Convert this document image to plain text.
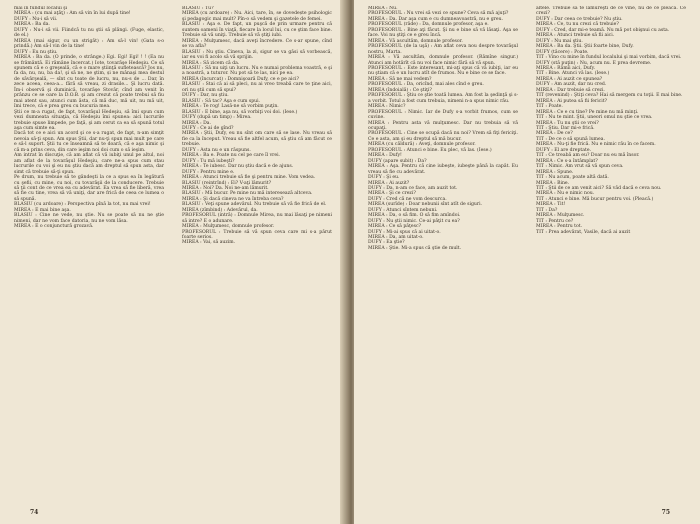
mai în fundul localui şi

MIREA : (cu mai aţâţ) : Am să vin în lui după tine!

DUFY : Nu-i să vii.

MIREA : Ba da.

DUFY : Nu-i să vii. Fiindcă tu nu ştii să plângi. (Fuge, elastic, de el.)

MIREA (mai sigur, cu un strigăt) : Am să-l vin! (Gata s-o prindă.) Am să-l vin de la tine!

DUFY : Eu nu ştiu.

MIREA : Ba da. (O prinde, o strânge.) Egi. Egi! Egi! ! ! (Ea nu se frământă. Ei rămâne încercat.) Iote, tovarăşe Hedeşiu. Ce să spunem că e o greşeală, că e o mare ştiinţă sufletească? Jos nu, fa da, nu, nu, ba da!, şi să ne, ne ştim, și ne mânaşi mea destul de săvârşeală, — sînt cu toate de lucru, nu, nu-s de ... Dar, în zece aceea, ceea-a... fără să vreau, zi drasile... Şi lucru dată. Îm-i observă şi duminică, tovarăşe Stovăr, cînd am venit în prânzu ce se oare la D.O.B. şi am crezut că poate trebui să fiu mai atent sau, atunci cum ăsta, că mă duc, mă uit, nu mă uit, îmi trece, că e prea greu cu bucuria mea.

Ştii ce m-a rugat, de fapt, tovarăşul Hedeşiu, să îmi spun cum vezi dumneata situaţia, că Hedeşiu îmi spunea: aici lucrurile trebuie spuse limpede, pe faţă, şi am cerut ca ea să spună totul aşa cum simte ea.

Dacă tot ce e aici un acord şi ce s-a rugat, de fapt, n-am simţit nevoia să-ţi spun. Am spus Ştii, dar nu-ţi spun mai mult pe care e să-l suport. Ştii tu ce înseamnă să te doară, că e aşa nimic şi că m-a prins ceva, din care ieşim noi doi cum o să ieşim.

Am intrat în discuţie, că am aflat că vă iubiţi unul pe altul, noi am aflat de la tovarăşul Hedeşiu, care ne-a spus cum stau lucrurile cu voi şi eu nu ştiu dacă am dreptul să spun asta, dar simt că trebuie să-ţi spun.

Pe drum, nu trebuie să te gândeşti la ce a spus ea în legătură cu şefii, cu mine, cu noi, cu tovarăşii de la conducere. Trebuie să ţii cont de ce vrea ea cu adevărat. Ea vrea să fie liberă, vrea să fie cu tine, vrea să vă uniţi, dar are frică de ceea ce lumea o să spună.

BLASIU (cu ardoare) : Perspectiva pînă la tot, nu mai vrei!

MIREA : E mai bine aşa.

BLASIU : Cine ne vede, nu ştie. Nu se poate să nu ne ştie nimeni, dar ne vom face datoria, nu ne vom lăsa.

MIREA : E o conjunctură grozavă.

BLASIU : Tu?

MIREA (cu ardoare) : Nu. Aici, tare, în, se dovedește psihologic şi pedagogic mai mult? Pîn-o să vedem şi gazetele de femei.

BLASIU : Aşa e. De fapt, un puşcă de prin urmare pentru că suntem oameni în viaţă, fiecare la locul lui, cu ce ştim face bine. Trebuie să vă uniţi. Trebuie să vă ştiţi iubi.

MIREA : Mulţumesc, dacă aveţi încredere. Ce s-ar spune, cînd se va afla?

BLASIU : Nu ştiu. Cineva, la zi, sigur se va găsi să vorbească, iar eu voi fi acolo să vă sprijin.

MIREA : Să zicem că da.

BLASIU : Să nu uiţi un lucru. Nu e numai problema voastră, e şi a noastră, a tuturor. Nu pot să te las, nici pe ea.

MIREA (încurcat) : Domnişoară Dufy, ce e pe aici?

BLASIU : Stai că ai să pleci, nu ai vreo treabă care te ţine aici, ori nu ştii cum să spui?

DUFY : Dar, nu ştiu.

BLASIU : Să tac? Aşa e cum spui.

MIREA : Te rog! Lasă-ne să vorbim puţin.

BLASIU : E bine, aşa nu, să vorbiţi voi doi. (Iese.)

DUFY (după un timp) : Mirea.

MIREA : Da.

DUFY : Ce ai de gînd?

MIREA : Ştii, Dufy, eu nu sînt om care să se lase. Nu vreau să fie ca la început. Vreau să fie altfel acum, să ştiu că am făcut ce trebuie.

DUFY : Asta nu e un răspuns.

MIREA : Ba e. Poate nu cel pe care îl vrei.

DUFY : Tu mă iubeşti?

MIREA : Te iubesc. Dar nu ştiu dacă e de ajuns.

DUFY : Pentru mine e.

MIREA : Atunci trebuie să fie şi pentru mine. Vom vedea.

BLASIU (reintrînd) : Ei? V-aţi lămurit?

MIREA : Noi? Da. Noi ne-am lămurit.

BLASIU : Mă bucur. Pe mine nu mă interesează altceva.

MIREA : Şi dacă cineva ne va întreba ceva?

BLASIU : Veţi spune adevărul. Nu trebuie să vă fie frică de el.

MIREA (zîmbind) : Adevărul, da.

PROFESORUL (intră) : Domnule Mirea, nu mai lăsaţi pe nimeni să intre? E o adunare.

MIREA : Mulţumesc, domnule profesor.

PROFESORUL : Trebuie să vă spun ceva care mi s-a părut foarte serios.

MIREA : Vai, să auzim.

74

MIREA : Nu.

PROFESORUL : Nu vrei să vezi ce spune? Ceva să mă ajuţi?

MIREA : Da. Dar aşa cum e cu dumneavoastră, nu e greu.

PROFESORUL (râde) : Da, domnule profesor, aşa e.

PROFESORUL : Bine aţi făcut. Şi nu e bine să vă lăsaţi. Aşa se face. Voi nu ştiţi ce e greu încă.

MIREA : Vă ascultăm, domnule profesor.

PROFESORUL (de la uşă) : Am aflat ceva nou despre tovarăşul nostru, Marta.

MIREA : Vă ascultăm, domnule profesor. (Râmîne singur.) Atunci am hotărît că nu voi face nimic fără să vă spun.

PROFESORUL : Este interesant, mi-aţi spus că vă iubiţi, iar eu nu ştiam că e un lucru atît de frumos. Nu e bine ce se face.

MIREA : Să ne mai vedem?

PROFESORUL : Da, oricînd, mai ales cînd e greu.

MIREA (îndoială) : Ce ştiţi?

PROFESORUL : Ştiu ce ştie toată lumea. Am fost la şedinţă şi s-a vorbit. Totul a fost cum trebuia, nimeni n-a spus nimic rău.

MIREA : Nimic?

PROFESORUL : Nimic. Iar de Dufy s-a vorbit frumos, cum se cuvine.

MIREA : Pentru asta vă mulţumesc. Dar nu trebuia să vă ocupaţi.

PROFESORUL : Cine se ocupă dacă nu noi? Vrem să fiţi fericiţi. Ce e asta, am şi eu dreptul să mă bucur.

MIREA (cu căldură) : Aveţi, domnule profesor.

PROFESORUL : Atunci e bine. Eu plec, vă las. (Iese.)

MIREA : Dufy!

DUFY (apare subit) : Da?

MIREA : Aşa. Pentru că cine iubeşte, iubeşte până la capăt. Eu vreau să fie cu adevărat.

DUFY : Şi eu.

MIREA : Ai auzit?

DUFY : Da, n-am ce face, am auzit tot.

MIREA : Şi ce crezi?

DUFY : Cred că ne vom descurca.

MIREA (surîde) : Doar nebunii sînt atît de siguri.

DUFY : Atunci sîntem nebuni.

MIREA : Da, o să fim. O să fim amîndoi.

DUFY : Nu ştii nimic. Ce-ai păţit cu ea?

MIREA : Ce să păţesc?

DUFY : Mi-ai spus că ai uitat-o.

MIREA : Da, am uitat-o.

DUFY : Ea ştie?

MIREA : Ştie. Mi-a spus că ştie de mult.

altele. Trebuie să te lămureşti de ce vine, nu de ce pleacă. Ce crezi?

DUFY : Dar ceea ce trebuie? Nu ştiu.

MIREA : Ce, tu nu crezi că trebuie?

DUFY : Cred, dar mi-e teamă. Nu mă pot obişnui cu asta.

MIREA : Atunci trebuie să fii aici.

DUFY : Nu mai ştiu.

MIREA : Ba da. Ştii. Ştii foarte bine, Dufy.

DUFY (tăcere) : Poate.

TIT : Vino cu mine în fundul localului şi mai vorbim, dacă vrei.

DUFY (stă puţin) : Nu, acum nu. E prea devreme.

MIREA : Rămîi aici, Dufy.

TIT : Bine. Atunci vă las. (Iese.)

MIREA : Ai auzit ce spunea?

DUFY : Am auzit, dar nu cred.

MIREA : Dar trebuie să crezi.

TIT (revenind) : Ştiţi ceva? Hai să mergem cu toţii. E mai bine.

MIREA : Ai putea să fii fericit?

TIT : Poate.

MIREA : Ce e cu tine? Pe mine nu mă minţi.

TIT : Nu te mint. Ştii, uneori omul nu ştie ce vrea.

MIREA : Tu nu ştii ce vrei?

TIT : Ştiu. Dar mi-e frică.

MIREA : De ce?

TIT : De ce o să spună lumea.

MIREA : Nu-ţi fie frică. Nu e nimic rău în ce facem.

DUFY : El are dreptate.

TIT : Ce treabă am eu? Doar nu eu mă însor.

MIREA : Ce s-a întâmplat?

TIT : Nimic. Am vrut să vă spun ceva.

MIREA : Spune.

TIT : Nu acum, poate altă dată.

MIREA : Bine.

TIT : Ştii de ce am venit aici? Să văd dacă e ceva nou.

MIREA : Nu e nimic nou.

TIT : Atunci e bine. Mă bucur pentru voi. (Pleacă.)

MIREA : Tit!

TIT : Da?

MIREA : Mulţumesc.

TIT : Pentru ce?

MIREA : Pentru tot.

TIT : Prea adevărat, Vasile, dacă ai auzit

75
